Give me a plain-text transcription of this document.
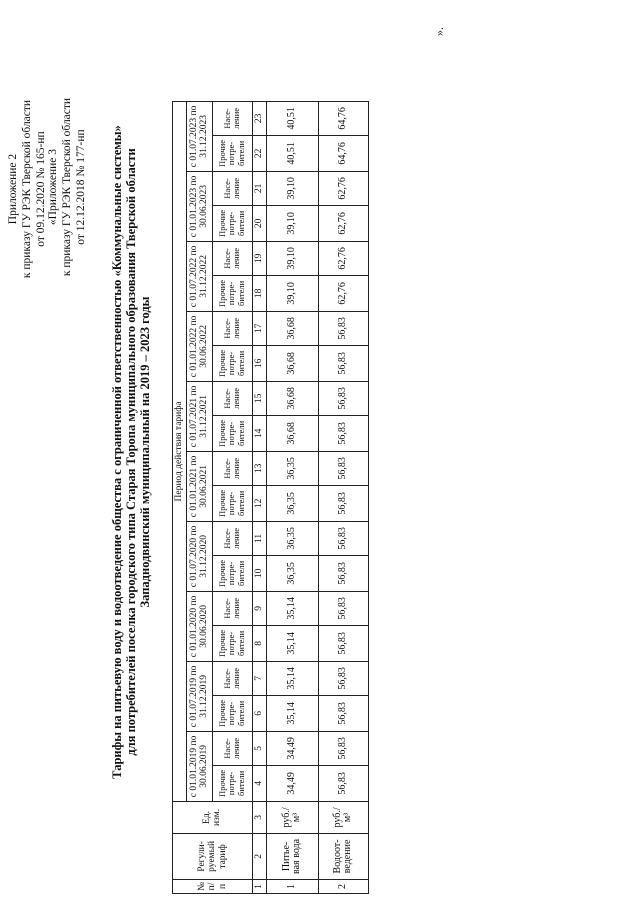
Приложение 2 к приказу ГУ РЭК Тверской области от 09.12.2020 № 165-нп «Приложение 3 к приказу ГУ РЭК Тверской области от 12.12.2018 № 177-нп Тарифы на питьевую воду и водоотведение общества с ограниченной ответственностью «Коммунальные системы» для потребителей поселка городского типа Старая Торопа муниципального образования Тверской области Западнодвинский муниципальный на 2019 – 2023 годы
№ п/ п	Регули-руемый тариф	Ед. изм.	Период действия тарифа																			
			с 01.01.2019 по 30.06.2019		с 01.07.2019 по 31.12.2019		с 01.01.2020 по 30.06.2020		с 01.07.2020 по 31.12.2020		с 01.01.2021 по 30.06.2021		с 01.07.2021 по 31.12.2021		с 01.01.2022 по 30.06.2022		с 01.07.2022 по 31.12.2022		с 01.01.2023 по 30.06.2023		с 01.07.2023 по 31.12.2023	
			Прочие потре-бители	Насе-ление	Прочие потре-бители	Насе-ление	Прочие потре-бители	Насе-ление	Прочие потре-бители	Насе-ление	Прочие потре-бители	Насе-ление	Прочие потре-бители	Насе-ление	Прочие потре-бители	Насе-ление	Прочие потре-бители	Насе-ление	Прочие потре-бители	Насе-ление	Прочие потре-бители	Насе-ление
1	2	3	4	5	6	7	8	9	10	11	12	13	14	15	16	17	18	19	20	21	22	23
1	Питье-вая вода	руб./м³	34,49	34,49	35,14	35,14	35,14	35,14	36,35	36,35	36,35	36,35	36,68	36,68	36,68	36,68	39,10	39,10	39,10	39,10	40,51	40,51
2	Водоот-ведение	руб./м³	56,83	56,83	56,83	56,83	56,83	56,83	56,83	56,83	56,83	56,83	56,83	56,83	56,83	56,83	62,76	62,76	62,76	62,76	64,76	64,76
».
